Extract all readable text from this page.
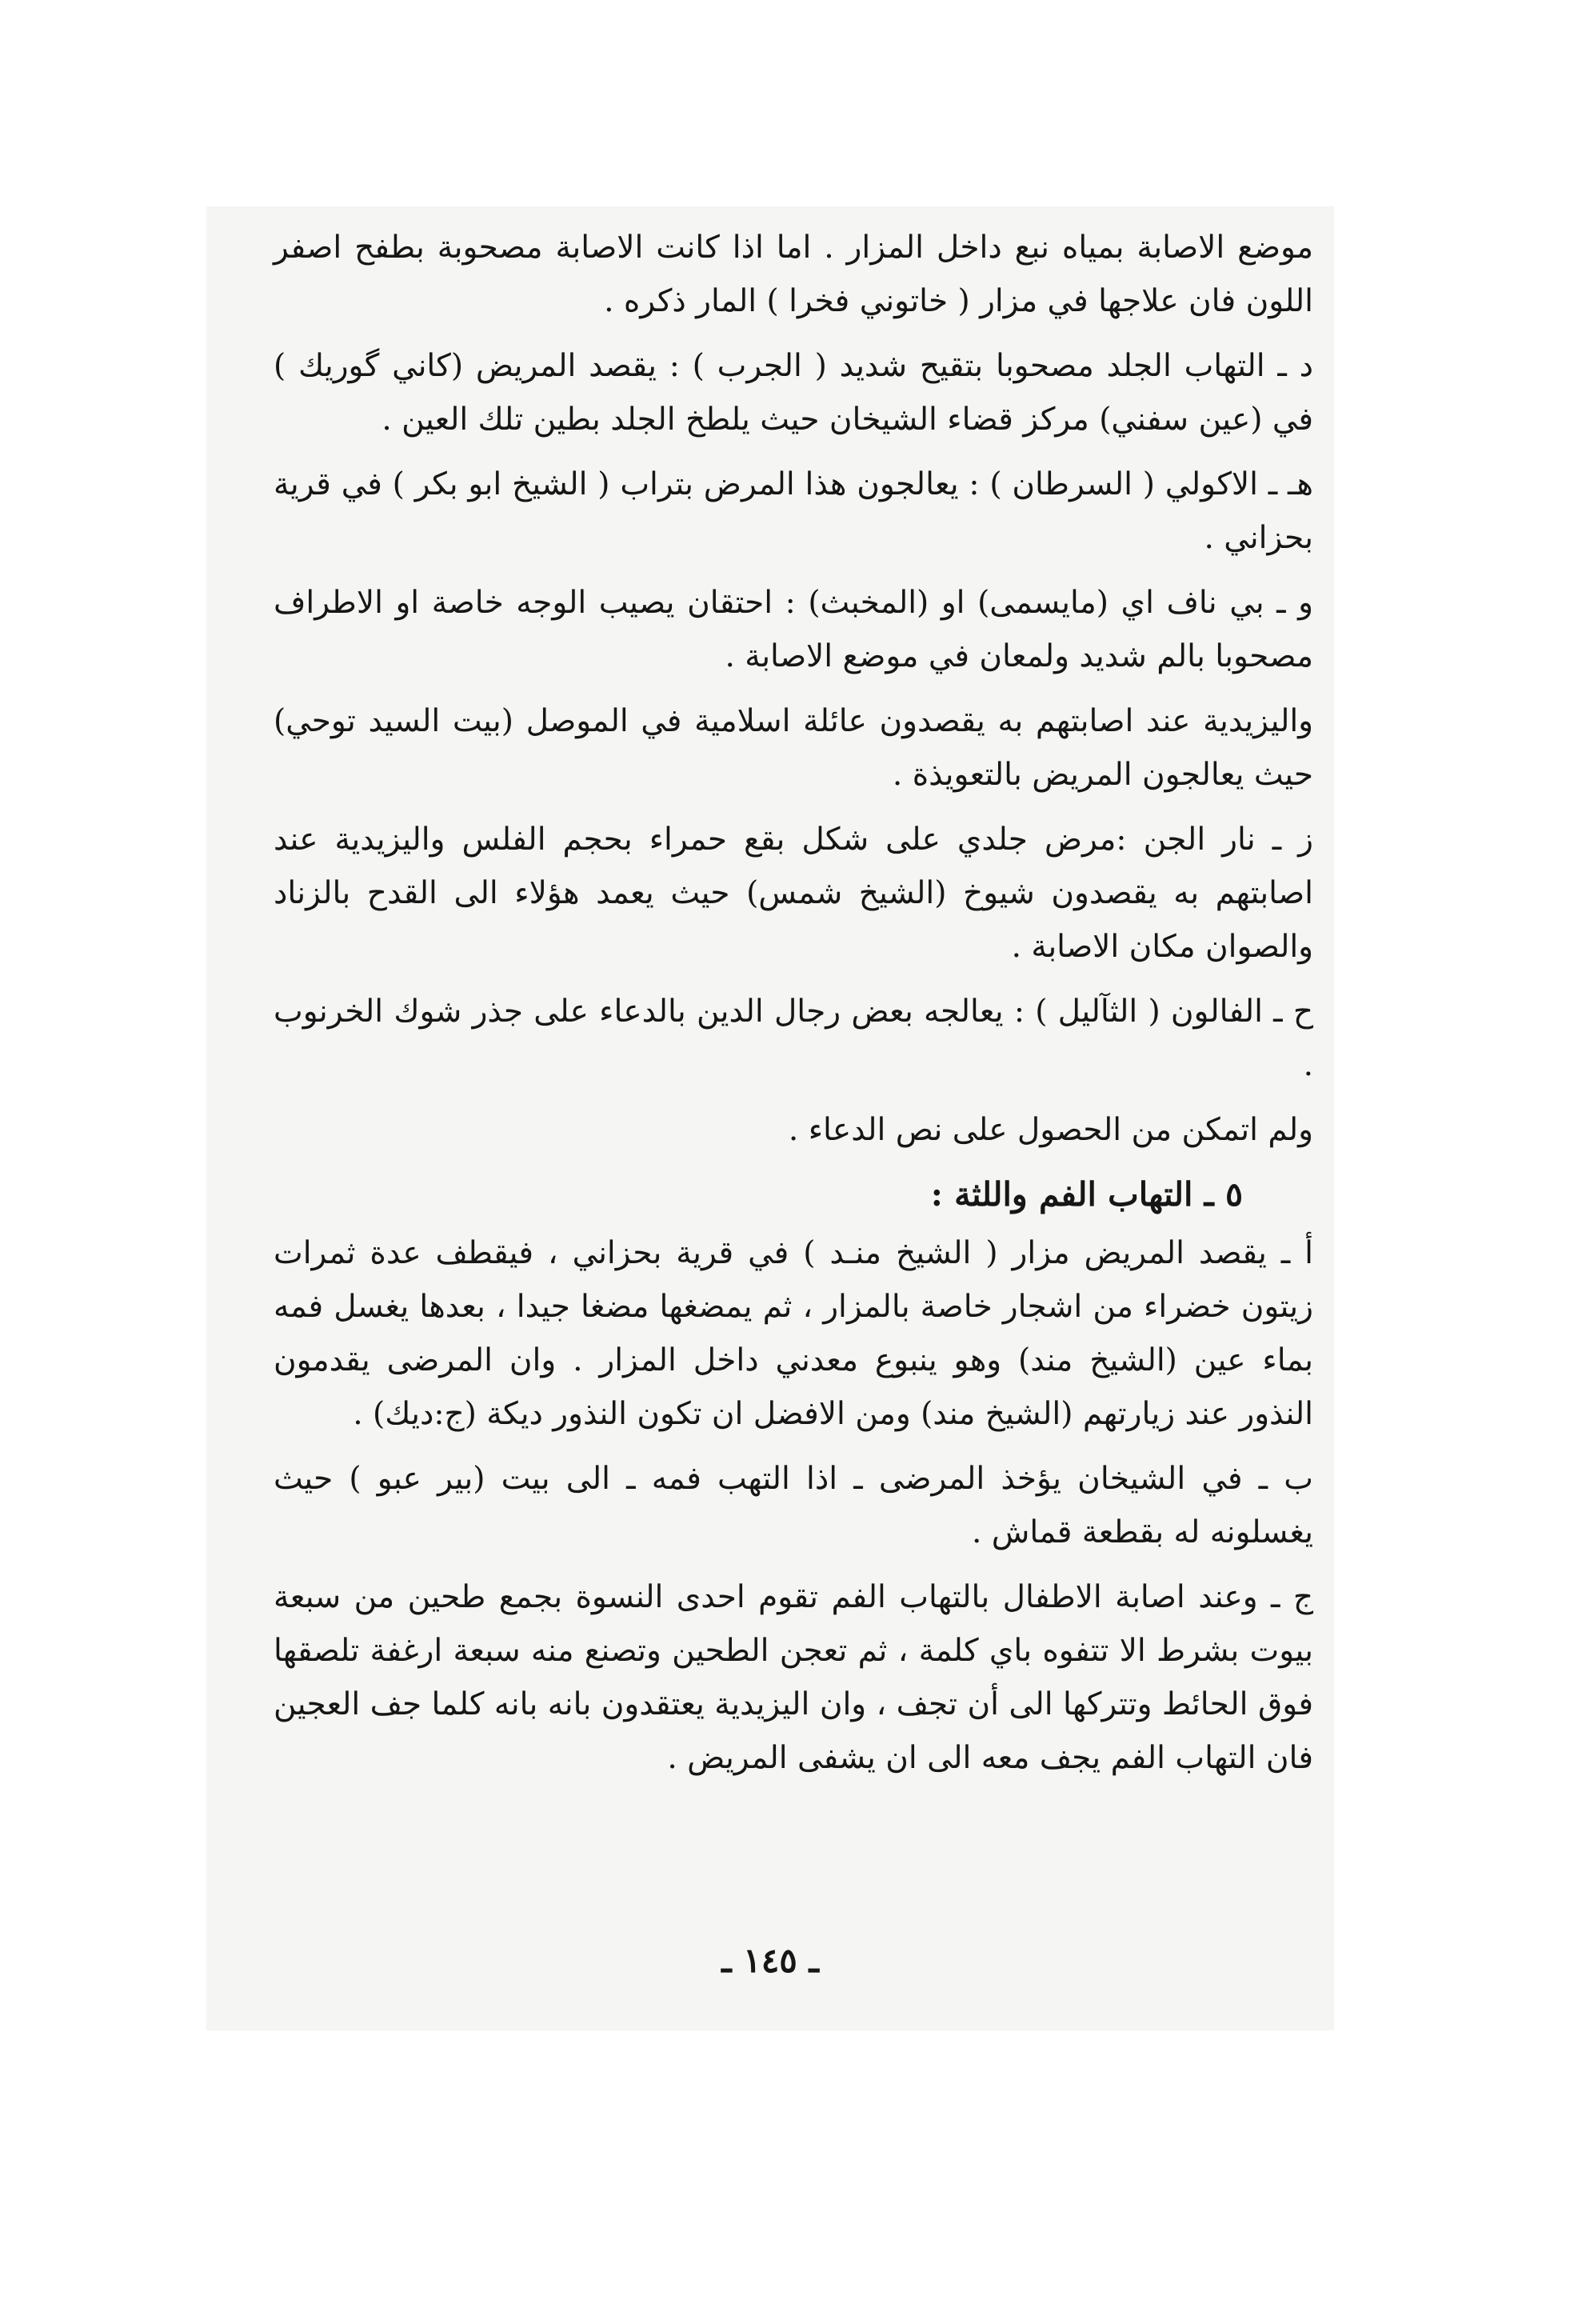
موضع الاصابة بمياه نبع داخل المزار . اما اذا كانت الاصابة مصحوبة بطفح اصفر اللون فان علاجها في مزار ( خاتوني فخرا ) المار ذكره .

د ـ التهاب الجلد مصحوبا بتقيح شديد ( الجرب ) : يقصد المريض (كاني گوريك ) في (عين سفني) مركز قضاء الشيخان حيث يلطخ الجلد بطين تلك العين .

هـ ـ الاكولي ( السرطان ) : يعالجون هذا المرض بتراب ( الشيخ ابو بكر ) في قرية بحزاني .

و ـ بي ناف اي (مايسمى) او (المخبث) : احتقان يصيب الوجه خاصة او الاطراف مصحوبا بالم شديد ولمعان في موضع الاصابة .

واليزيدية عند اصابتهم به يقصدون عائلة اسلامية في الموصل (بيت السيد توحي) حيث يعالجون المريض بالتعويذة .

ز ـ نار الجن :مرض جلدي على شكل بقع حمراء بحجم الفلس واليزيدية عند اصابتهم به يقصدون شيوخ (الشيخ شمس) حيث يعمد هؤلاء الى القدح بالزناد والصوان مكان الاصابة .

ح ـ الفالون ( الثآليل ) : يعالجه بعض رجال الدين بالدعاء على جذر شوك الخرنوب .

ولم اتمكن من الحصول على نص الدعاء .

٥ ـ التهاب الفم واللثة :

أ ـ يقصد المريض مزار ( الشيخ منـد ) في قرية بحزاني ، فيقطف عدة ثمرات زيتون خضراء من اشجار خاصة بالمزار ، ثم يمضغها مضغا جيدا ، بعدها يغسل فمه بماء عين (الشيخ مند) وهو ينبوع معدني داخل المزار . وان المرضى يقدمون النذور عند زيارتهم (الشيخ مند) ومن الافضل ان تكون النذور ديكة (ج:ديك) .

ب ـ في الشيخان يؤخذ المرضى ـ اذا التهب فمه ـ الى بيت (بير عبو ) حيث يغسلونه له بقطعة قماش .

ج ـ وعند اصابة الاطفال بالتهاب الفم تقوم احدى النسوة بجمع طحين من سبعة بيوت بشرط الا تتفوه باي كلمة ، ثم تعجن الطحين وتصنع منه سبعة ارغفة تلصقها فوق الحائط وتتركها الى أن تجف ، وان اليزيدية يعتقدون بانه بانه كلما جف العجين فان التهاب الفم يجف معه الى ان يشفى المريض .

ـ ١٤٥ ـ
